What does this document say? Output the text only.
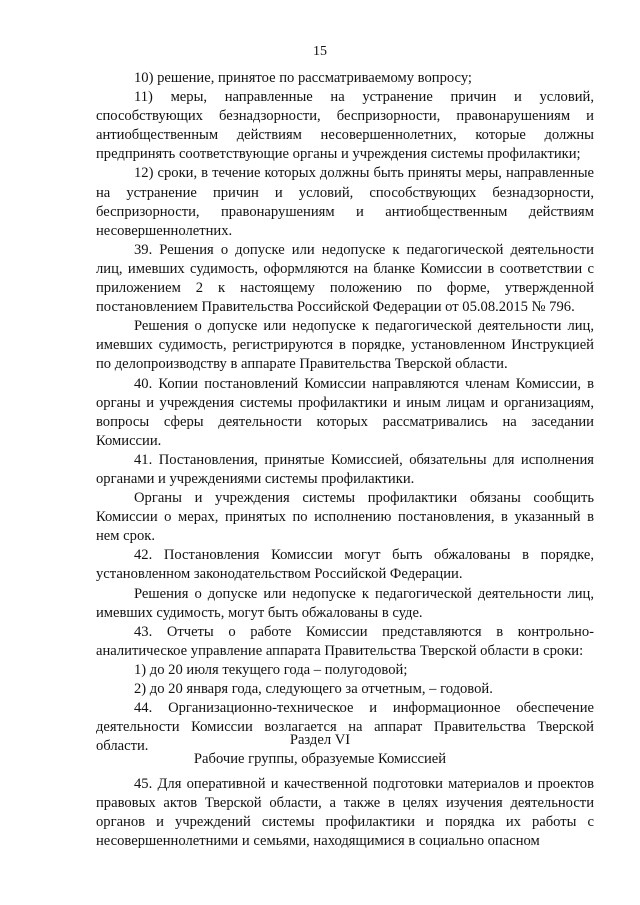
15

10) решение, принятое по рассматриваемому вопросу;

11) меры, направленные на устранение причин и условий, способствующих безнадзорности, беспризорности, правонарушениям и антиобщественным действиям несовершеннолетних, которые должны предпринять соответствующие органы и учреждения системы профилактики;

12) сроки, в течение которых должны быть приняты меры, направленные на устранение причин и условий, способствующих безнадзорности, беспризорности, правонарушениям и антиобщественным действиям несовершеннолетних.

39. Решения о допуске или недопуске к педагогической деятельности лиц, имевших судимость, оформляются на бланке Комиссии в соответствии с приложением 2 к настоящему положению по форме, утвержденной постановлением Правительства Российской Федерации от 05.08.2015 № 796.

Решения о допуске или недопуске к педагогической деятельности лиц, имевших судимость, регистрируются в порядке, установленном Инструкцией по делопроизводству в аппарате Правительства Тверской области.

40. Копии постановлений Комиссии направляются членам Комиссии, в органы и учреждения системы профилактики и иным лицам и организациям, вопросы сферы деятельности которых рассматривались на заседании Комиссии.

41. Постановления, принятые Комиссией, обязательны для исполнения органами и учреждениями системы профилактики.

Органы и учреждения системы профилактики обязаны сообщить Комиссии о мерах, принятых по исполнению постановления, в указанный в нем срок.

42. Постановления Комиссии могут быть обжалованы в порядке, установленном законодательством Российской Федерации.

Решения о допуске или недопуске к педагогической деятельности лиц, имевших судимость, могут быть обжалованы в суде.

43. Отчеты о работе Комиссии представляются в контрольно-аналитическое управление аппарата Правительства Тверской области в сроки:

1) до 20 июля текущего года – полугодовой;

2) до 20 января года, следующего за отчетным, – годовой.

44. Организационно-техническое и информационное обеспечение деятельности Комиссии возлагается на аппарат Правительства Тверской области.	Раздел VI
Рабочие группы, образуемые Комиссией

45. Для оперативной и качественной подготовки материалов и проектов правовых актов Тверской области, а также в целях изучения деятельности органов и учреждений системы профилактики и порядка их работы с несовершеннолетними и семьями, находящимися в социально опасном
